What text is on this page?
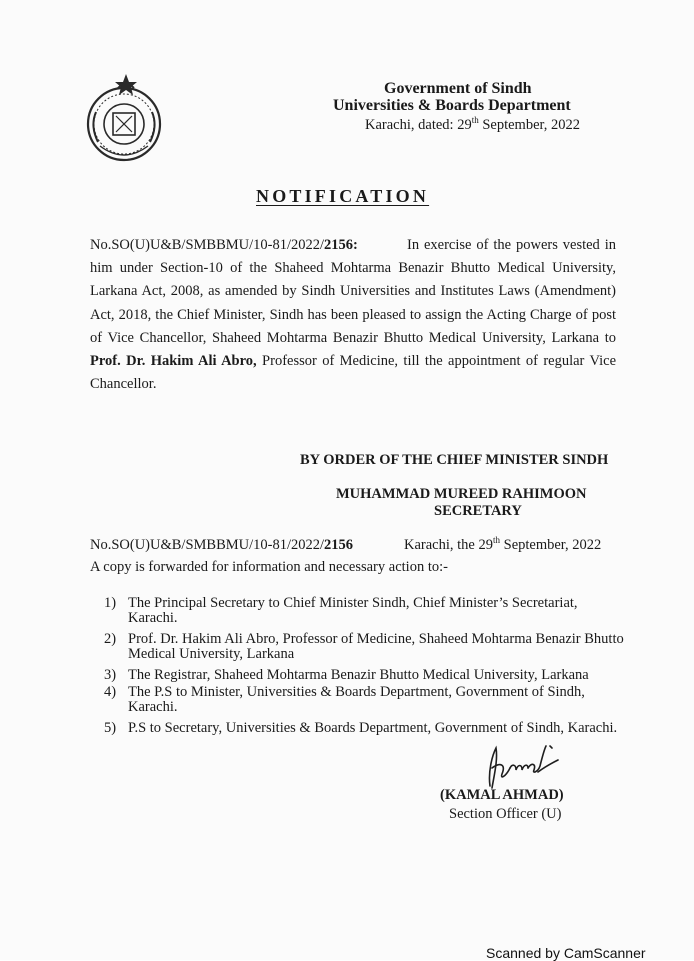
Government of Sindh
Universities & Boards Department
Karachi, dated: 29th September, 2022
NOTIFICATION
No.SO(U)U&B/SMBBMU/10-81/2022/2156:	In exercise of the powers vested in him under Section-10 of the Shaheed Mohtarma Benazir Bhutto Medical University, Larkana Act, 2008, as amended by Sindh Universities and Institutes Laws (Amendment) Act, 2018, the Chief Minister, Sindh has been pleased to assign the Acting Charge of post of Vice Chancellor, Shaheed Mohtarma Benazir Bhutto Medical University, Larkana to Prof. Dr. Hakim Ali Abro, Professor of Medicine, till the appointment of regular Vice Chancellor.
BY ORDER OF THE CHIEF MINISTER SINDH
MUHAMMAD MUREED RAHIMOON
SECRETARY
No.SO(U)U&B/SMBBMU/10-81/2022/2156	Karachi, the 29th September, 2022
A copy is forwarded for information and necessary action to:-
1) The Principal Secretary to Chief Minister Sindh, Chief Minister’s Secretariat, Karachi.
2) Prof. Dr. Hakim Ali Abro, Professor of Medicine, Shaheed Mohtarma Benazir Bhutto Medical University, Larkana
3) The Registrar, Shaheed Mohtarma Benazir Bhutto Medical University, Larkana
4) The P.S to Minister, Universities & Boards Department, Government of Sindh, Karachi.
5) P.S to Secretary, Universities & Boards Department, Government of Sindh, Karachi.
(KAMAL AHMAD)
Section Officer (U)
Scanned by CamScanner
